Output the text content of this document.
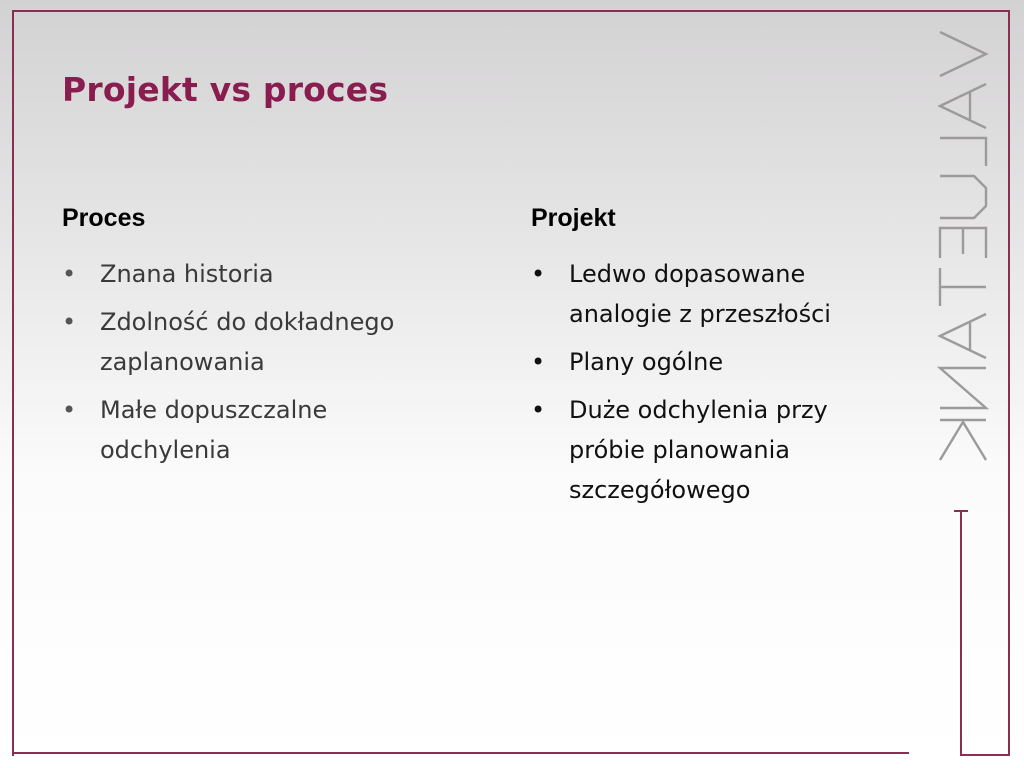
Projekt vs proces
Proces
• Znana historia
• Zdolność do dokładnego zaplanowania
• Małe dopuszczalne odchylenia
Projekt
• Ledwo dopasowane analogie z przeszłości
• Plany ogólne
• Duże odchylenia przy próbie planowania szczegółowego
